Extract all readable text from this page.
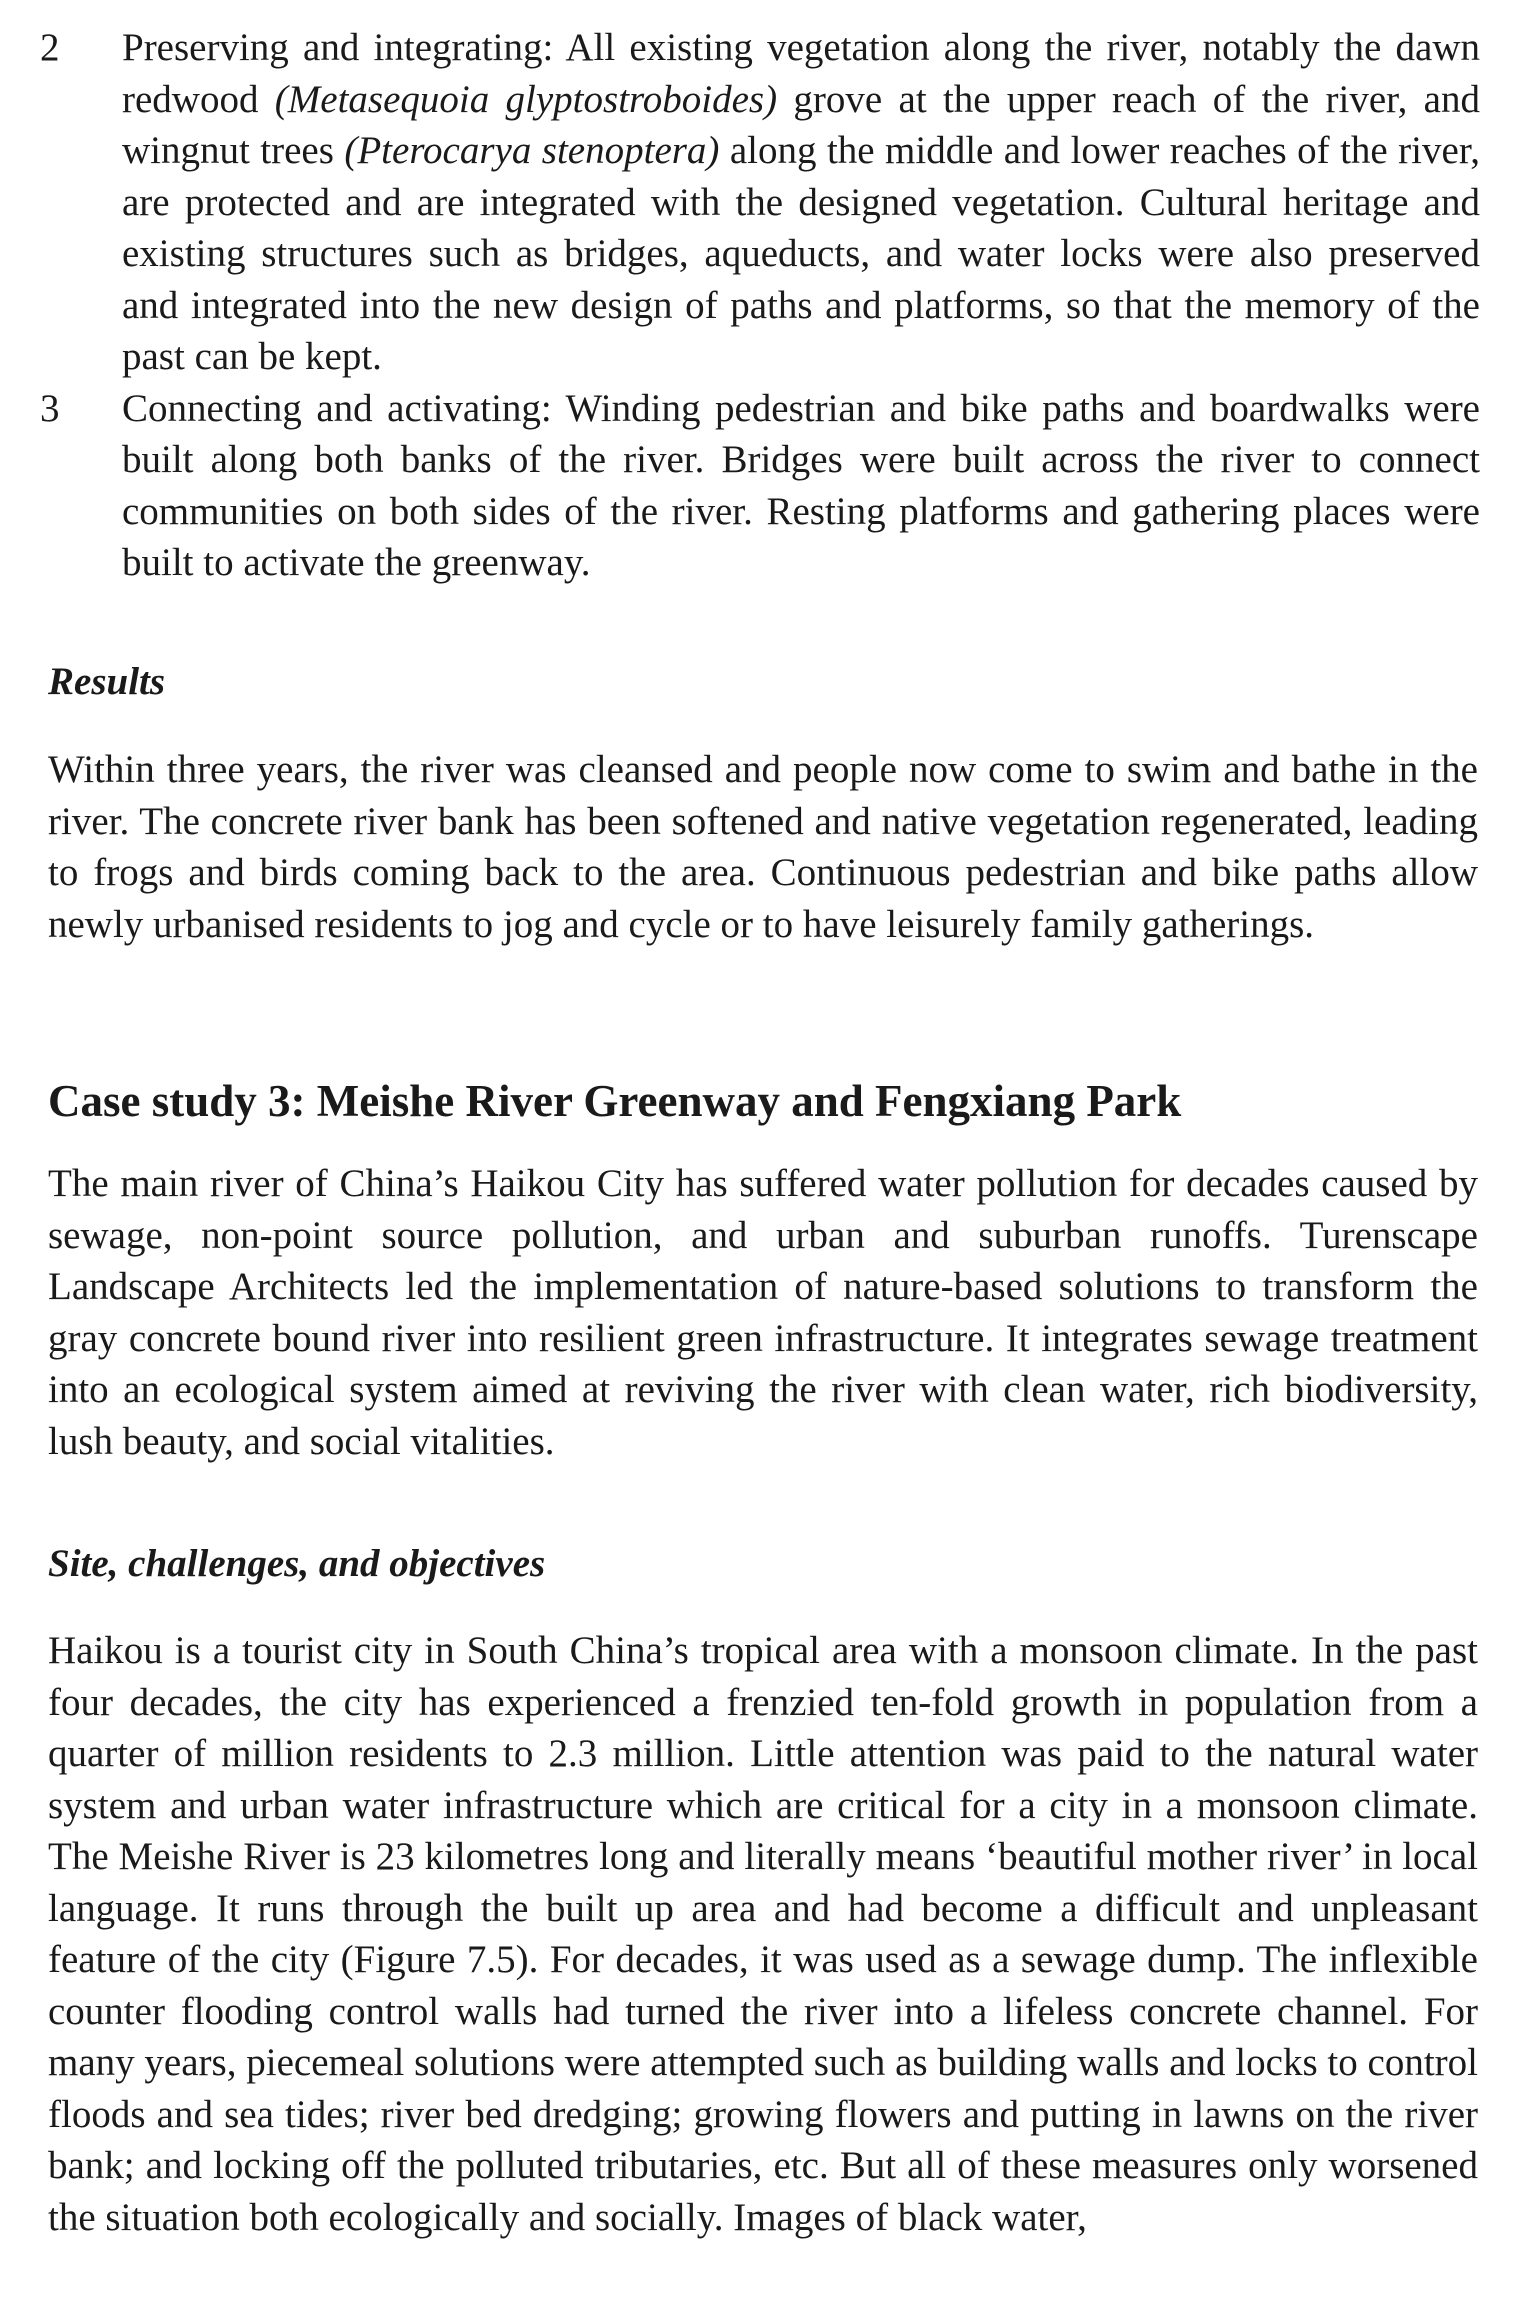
2 Preserving and integrating: All existing vegetation along the river, notably the dawn redwood (Metasequoia glyptostroboides) grove at the upper reach of the river, and wingnut trees (Pterocarya stenoptera) along the middle and lower reaches of the river, are protected and are integrated with the designed vegetation. Cultural heritage and existing structures such as bridges, aqueducts, and water locks were also preserved and integrated into the new design of paths and platforms, so that the memory of the past can be kept.
3 Connecting and activating: Winding pedestrian and bike paths and boardwalks were built along both banks of the river. Bridges were built across the river to connect communities on both sides of the river. Resting platforms and gathering places were built to activate the greenway.
Results
Within three years, the river was cleansed and people now come to swim and bathe in the river. The concrete river bank has been softened and native vegetation regenerated, leading to frogs and birds coming back to the area. Continuous pedestrian and bike paths allow newly urbanised residents to jog and cycle or to have leisurely family gatherings.
Case study 3: Meishe River Greenway and Fengxiang Park
The main river of China’s Haikou City has suffered water pollution for decades caused by sewage, non-point source pollution, and urban and suburban runoffs. Turenscape Landscape Architects led the implementation of nature-based solutions to transform the gray concrete bound river into resilient green infrastructure. It integrates sewage treatment into an ecological system aimed at reviving the river with clean water, rich biodiversity, lush beauty, and social vitalities.
Site, challenges, and objectives
Haikou is a tourist city in South China’s tropical area with a monsoon climate. In the past four decades, the city has experienced a frenzied ten-fold growth in population from a quarter of million residents to 2.3 million. Little attention was paid to the natural water system and urban water infrastructure which are critical for a city in a monsoon climate. The Meishe River is 23 kilometres long and literally means ‘beautiful mother river’ in local language. It runs through the built up area and had become a difficult and unpleasant feature of the city (Figure 7.5). For decades, it was used as a sewage dump. The inflexible counter flooding control walls had turned the river into a lifeless concrete channel. For many years, piecemeal solutions were attempted such as building walls and locks to control floods and sea tides; river bed dredging; growing flowers and putting in lawns on the river bank; and locking off the polluted tributaries, etc. But all of these measures only worsened the situation both ecologically and socially. Images of black water,
